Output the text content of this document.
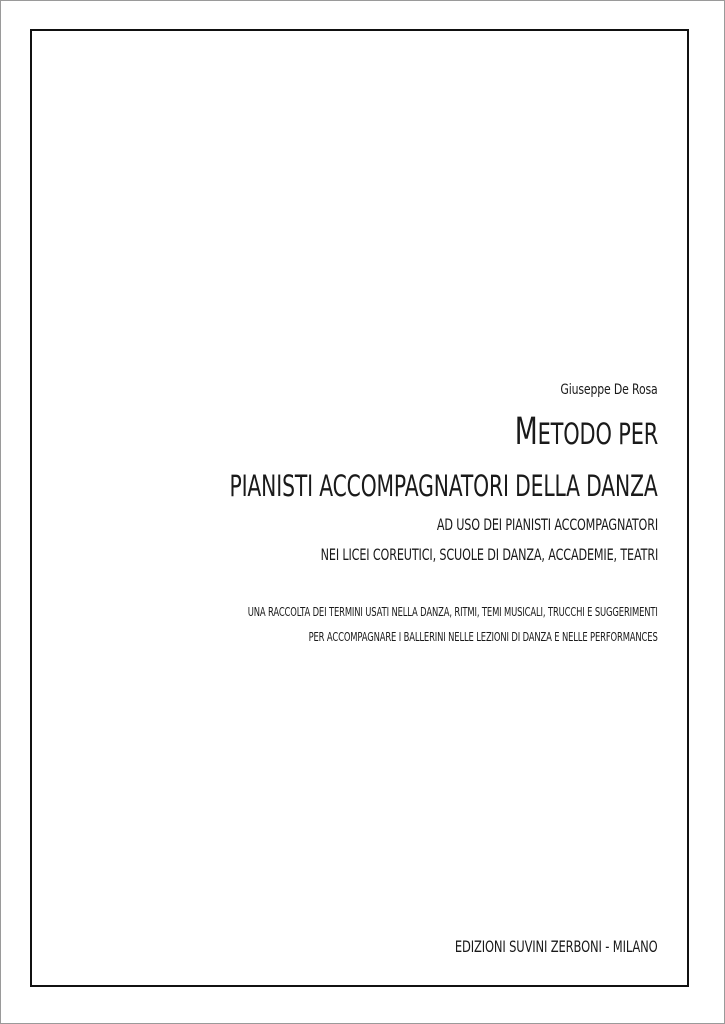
Giuseppe De Rosa
METODO PER
PIANISTI ACCOMPAGNATORI DELLA DANZA
AD USO DEI PIANISTI ACCOMPAGNATORI
NEI LICEI COREUTICI, SCUOLE DI DANZA, ACCADEMIE, TEATRI
UNA RACCOLTA DEI TERMINI USATI NELLA DANZA, RITMI, TEMI MUSICALI, TRUCCHI E SUGGERIMENTI
PER ACCOMPAGNARE I BALLERINI NELLE LEZIONI DI DANZA E NELLE PERFORMANCES
EDIZIONI SUVINI ZERBONI - MILANO
